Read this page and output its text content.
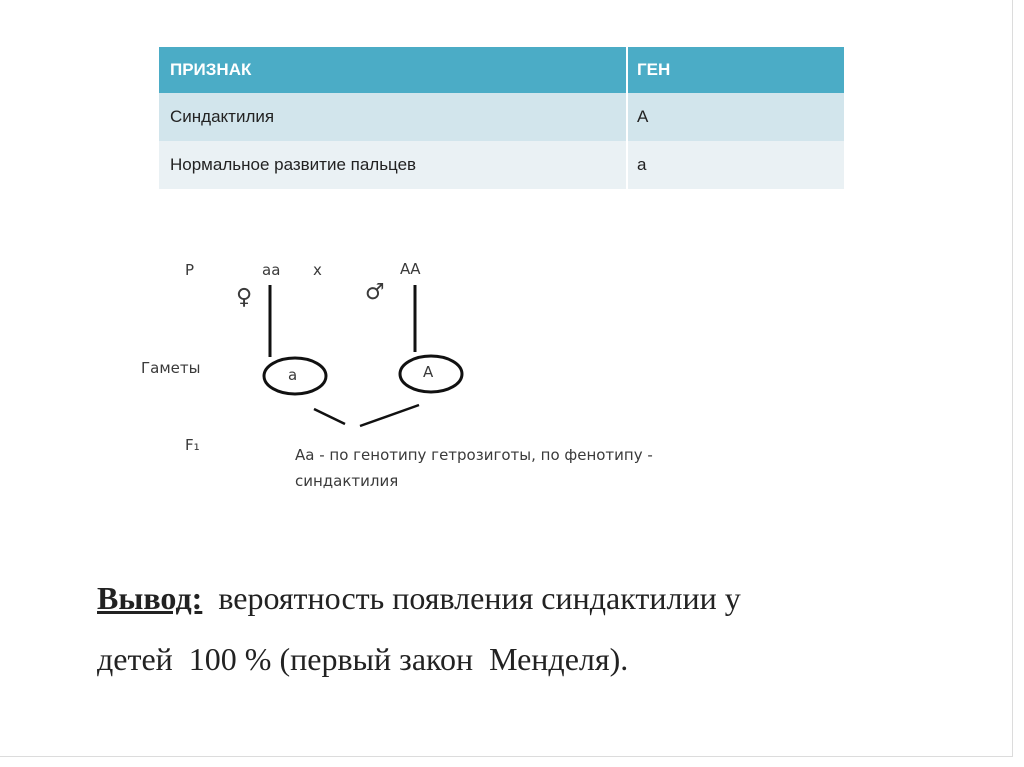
ПРИЗНАК	ГЕН
Синдактилия	А
Нормальное развитие пальцев	а
Р	аа х	АА
♀	♂
Гаметы	а	А
F₁
Аа - по генотипу гетрозиготы, по фенотипу -
синдактилия
Вывод:  вероятность появления синдактилии у
детей  100 % (первый закон  Менделя).
